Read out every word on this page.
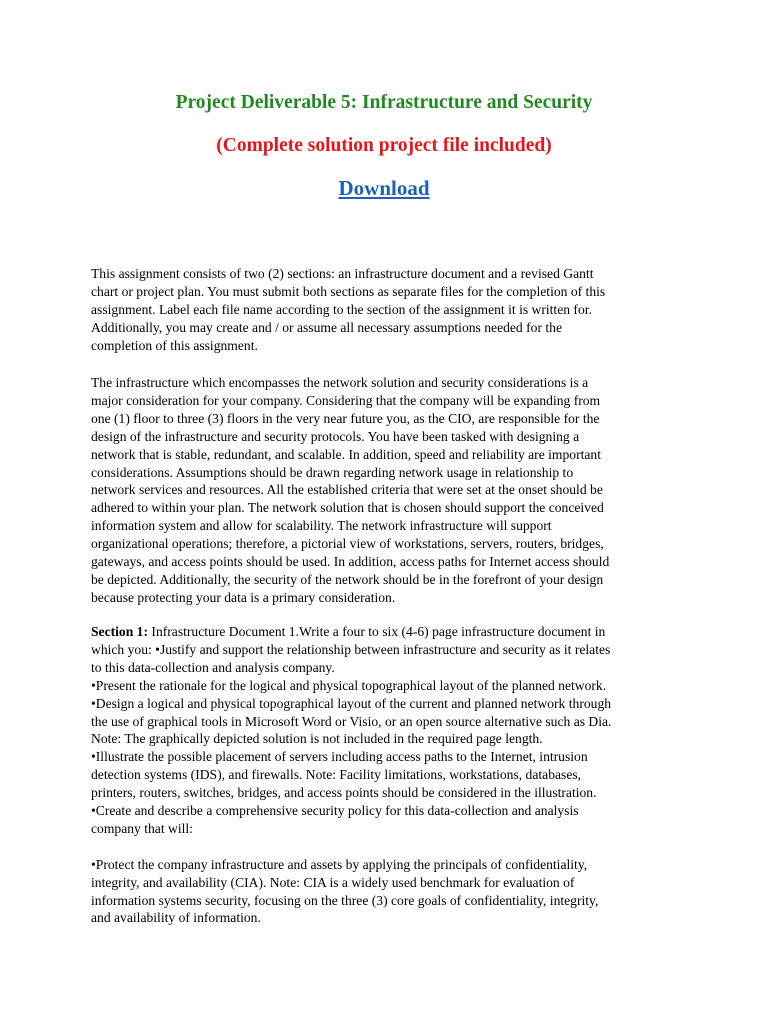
Project Deliverable 5: Infrastructure and Security
(Complete solution project file included)
Download

This assignment consists of two (2) sections: an infrastructure document and a revised Gantt

chart or project plan. You must submit both sections as separate files for the completion of this

assignment. Label each file name according to the section of the assignment it is written for.

Additionally, you may create and / or assume all necessary assumptions needed for the

completion of this assignment.

The infrastructure which encompasses the network solution and security considerations is a

major consideration for your company. Considering that the company will be expanding from

one (1) floor to three (3) floors in the very near future you, as the CIO, are responsible for the

design of the infrastructure and security protocols. You have been tasked with designing a

network that is stable, redundant, and scalable. In addition, speed and reliability are important

considerations. Assumptions should be drawn regarding network usage in relationship to

network services and resources. All the established criteria that were set at the onset should be

adhered to within your plan. The network solution that is chosen should support the conceived

information system and allow for scalability. The network infrastructure will support

organizational operations; therefore, a pictorial view of workstations, servers, routers, bridges,

gateways, and access points should be used. In addition, access paths for Internet access should

be depicted. Additionally, the security of the network should be in the forefront of your design

because protecting your data is a primary consideration.

Section 1: Infrastructure Document 1.Write a four to six (4-6) page infrastructure document in

which you: •Justify and support the relationship between infrastructure and security as it relates

to this data-collection and analysis company.

•Present the rationale for the logical and physical topographical layout of the planned network.

•Design a logical and physical topographical layout of the current and planned network through

the use of graphical tools in Microsoft Word or Visio, or an open source alternative such as Dia.

Note: The graphically depicted solution is not included in the required page length.

•Illustrate the possible placement of servers including access paths to the Internet, intrusion

detection systems (IDS), and firewalls. Note: Facility limitations, workstations, databases,

printers, routers, switches, bridges, and access points should be considered in the illustration.

•Create and describe a comprehensive security policy for this data-collection and analysis

company that will:

•Protect the company infrastructure and assets by applying the principals of confidentiality,

integrity, and availability (CIA). Note: CIA is a widely used benchmark for evaluation of

information systems security, focusing on the three (3) core goals of confidentiality, integrity,

and availability of information.
